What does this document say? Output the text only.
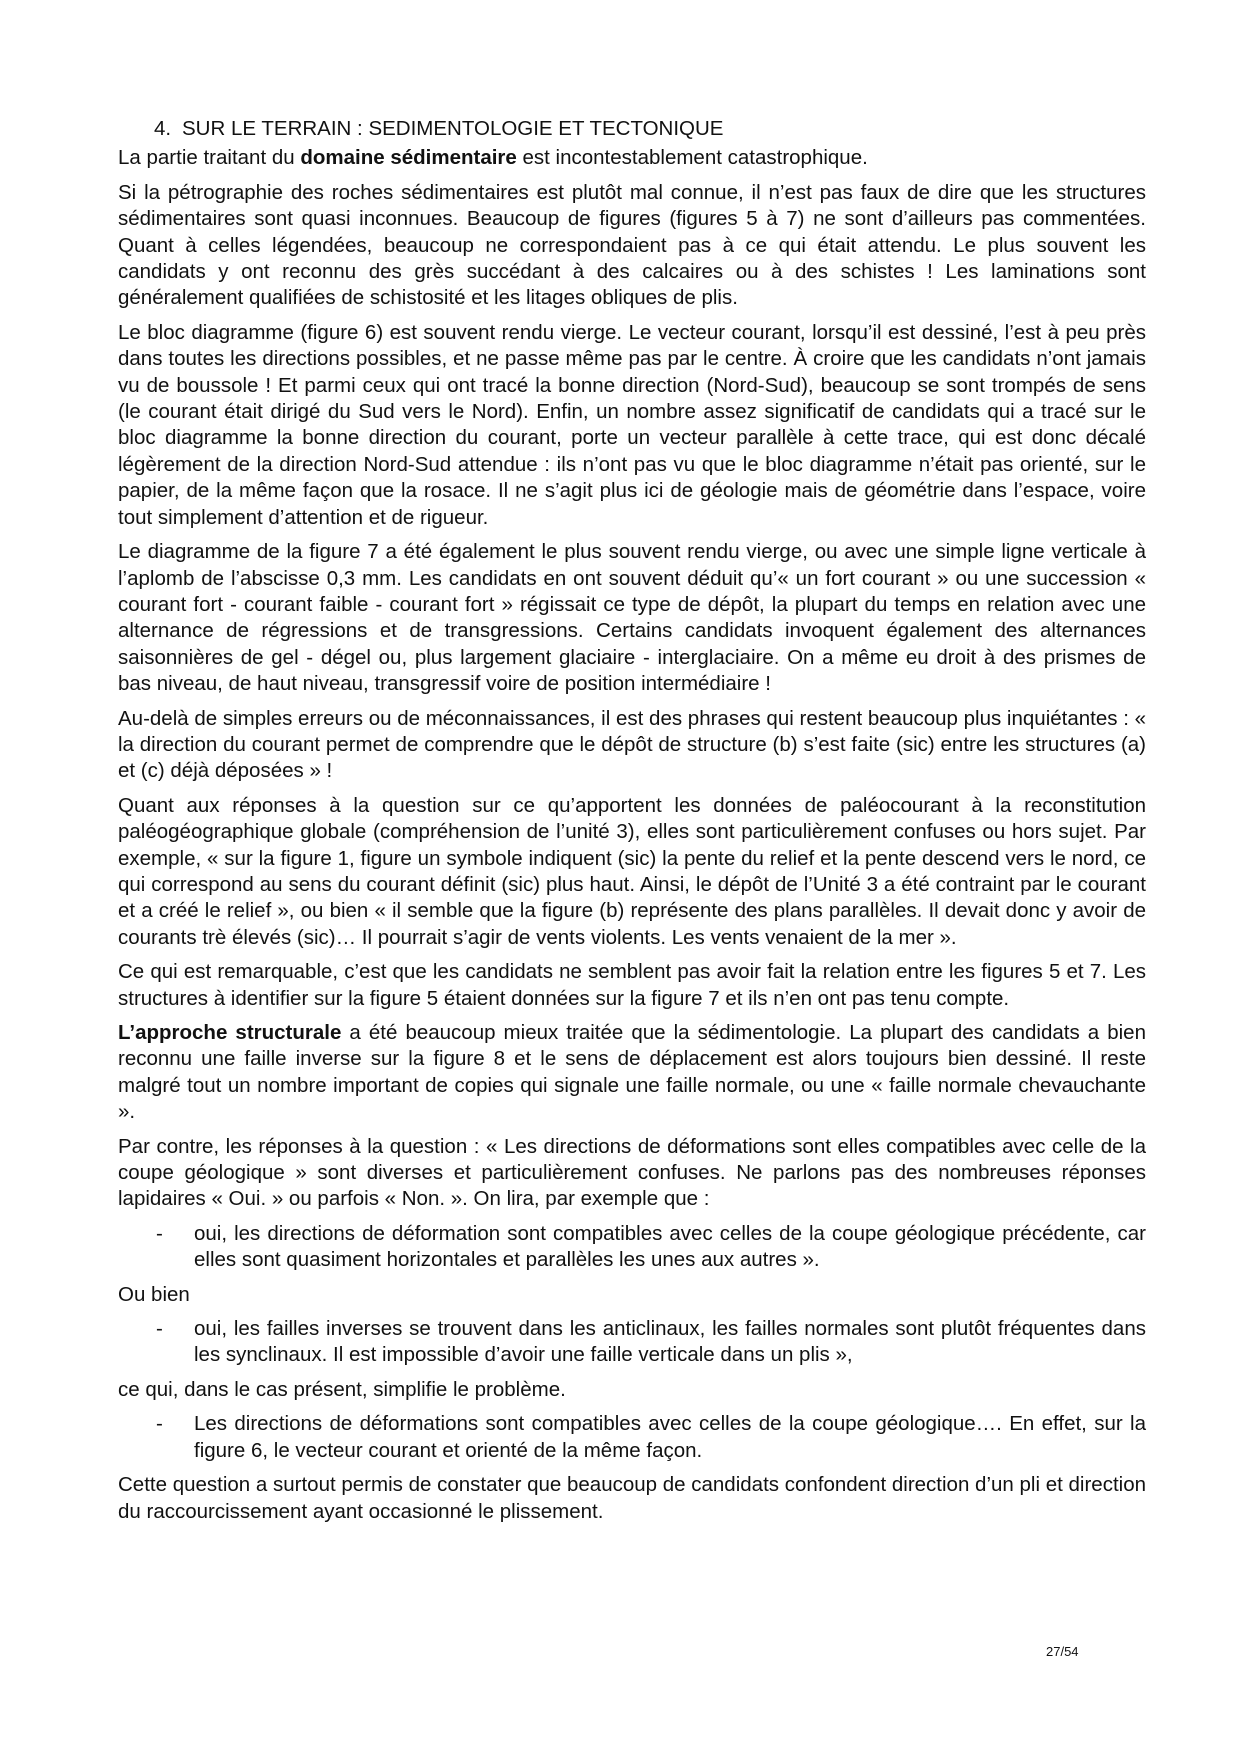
4. SUR LE TERRAIN : SEDIMENTOLOGIE ET TECTONIQUE

La partie traitant du domaine sédimentaire est incontestablement catastrophique.

Si la pétrographie des roches sédimentaires est plutôt mal connue, il n’est pas faux de dire que les structures sédimentaires sont quasi inconnues. Beaucoup de figures (figures 5 à 7) ne sont d’ailleurs pas commentées. Quant à celles légendées, beaucoup ne correspondaient pas à ce qui était attendu. Le plus souvent les candidats y ont reconnu des grès succédant à des calcaires ou à des schistes ! Les laminations sont généralement qualifiées de schistosité et les litages obliques de plis.

Le bloc diagramme (figure 6) est souvent rendu vierge. Le vecteur courant, lorsqu’il est dessiné, l’est à peu près dans toutes les directions possibles, et ne passe même pas par le centre. À croire que les candidats n’ont jamais vu de boussole ! Et parmi ceux qui ont tracé la bonne direction (Nord-Sud), beaucoup se sont trompés de sens (le courant était dirigé du Sud vers le Nord). Enfin, un nombre assez significatif de candidats qui a tracé sur le bloc diagramme la bonne direction du courant, porte un vecteur parallèle à cette trace, qui est donc décalé légèrement de la direction Nord-Sud attendue : ils n’ont pas vu que le bloc diagramme n’était pas orienté, sur le papier, de la même façon que la rosace. Il ne s’agit plus ici de géologie mais de géométrie dans l’espace, voire tout simplement d’attention et de rigueur.

Le diagramme de la figure 7 a été également le plus souvent rendu vierge, ou avec une simple ligne verticale à l’aplomb de l’abscisse 0,3 mm. Les candidats en ont souvent déduit qu’« un fort courant » ou une succession « courant fort - courant faible - courant fort » régissait ce type de dépôt, la plupart du temps en relation avec une alternance de régressions et de transgressions. Certains candidats invoquent également des alternances saisonnières de gel - dégel ou, plus largement glaciaire - interglaciaire. On a même eu droit à des prismes de bas niveau, de haut niveau, transgressif voire de position intermédiaire !

Au-delà de simples erreurs ou de méconnaissances, il est des phrases qui restent beaucoup plus inquiétantes : « la direction du courant permet de comprendre que le dépôt de structure (b) s’est faite (sic) entre les structures (a) et (c) déjà déposées » !

Quant aux réponses à la question sur ce qu’apportent les données de paléocourant à la reconstitution paléogéographique globale (compréhension de l’unité 3), elles sont particulièrement confuses ou hors sujet. Par exemple, « sur la figure 1, figure un symbole indiquent (sic) la pente du relief et la pente descend vers le nord, ce qui correspond au sens du courant définit (sic) plus haut. Ainsi, le dépôt de l’Unité 3 a été contraint par le courant et a créé le relief », ou bien « il semble que la figure (b) représente des plans parallèles. Il devait donc y avoir de courants trè élevés (sic)… Il pourrait s’agir de vents violents. Les vents venaient de la mer ».

Ce qui est remarquable, c’est que les candidats ne semblent pas avoir fait la relation entre les figures 5 et 7. Les structures à identifier sur la figure 5 étaient données sur la figure 7 et ils n’en ont pas tenu compte.

L’approche structurale a été beaucoup mieux traitée que la sédimentologie. La plupart des candidats a bien reconnu une faille inverse sur la figure 8 et le sens de déplacement est alors toujours bien dessiné. Il reste malgré tout un nombre important de copies qui signale une faille normale, ou une « faille normale chevauchante ».

Par contre, les réponses à la question : « Les directions de déformations sont elles compatibles avec celle de la coupe géologique » sont diverses et particulièrement confuses. Ne parlons pas des nombreuses réponses lapidaires « Oui. » ou parfois « Non. ». On lira, par exemple que :

- oui, les directions de déformation sont compatibles avec celles de la coupe géologique précédente, car elles sont quasiment horizontales et parallèles les unes aux autres ».
Ou bien
- oui, les failles inverses se trouvent dans les anticlinaux, les failles normales sont plutôt fréquentes dans les synclinaux. Il est impossible d’avoir une faille verticale dans un plis »,
ce qui, dans le cas présent, simplifie le problème.
- Les directions de déformations sont compatibles avec celles de la coupe géologique…. En effet, sur la figure 6, le vecteur courant et orienté de la même façon.

Cette question a surtout permis de constater que beaucoup de candidats confondent direction d’un pli et direction du raccourcissement ayant occasionné le plissement.

27/54
